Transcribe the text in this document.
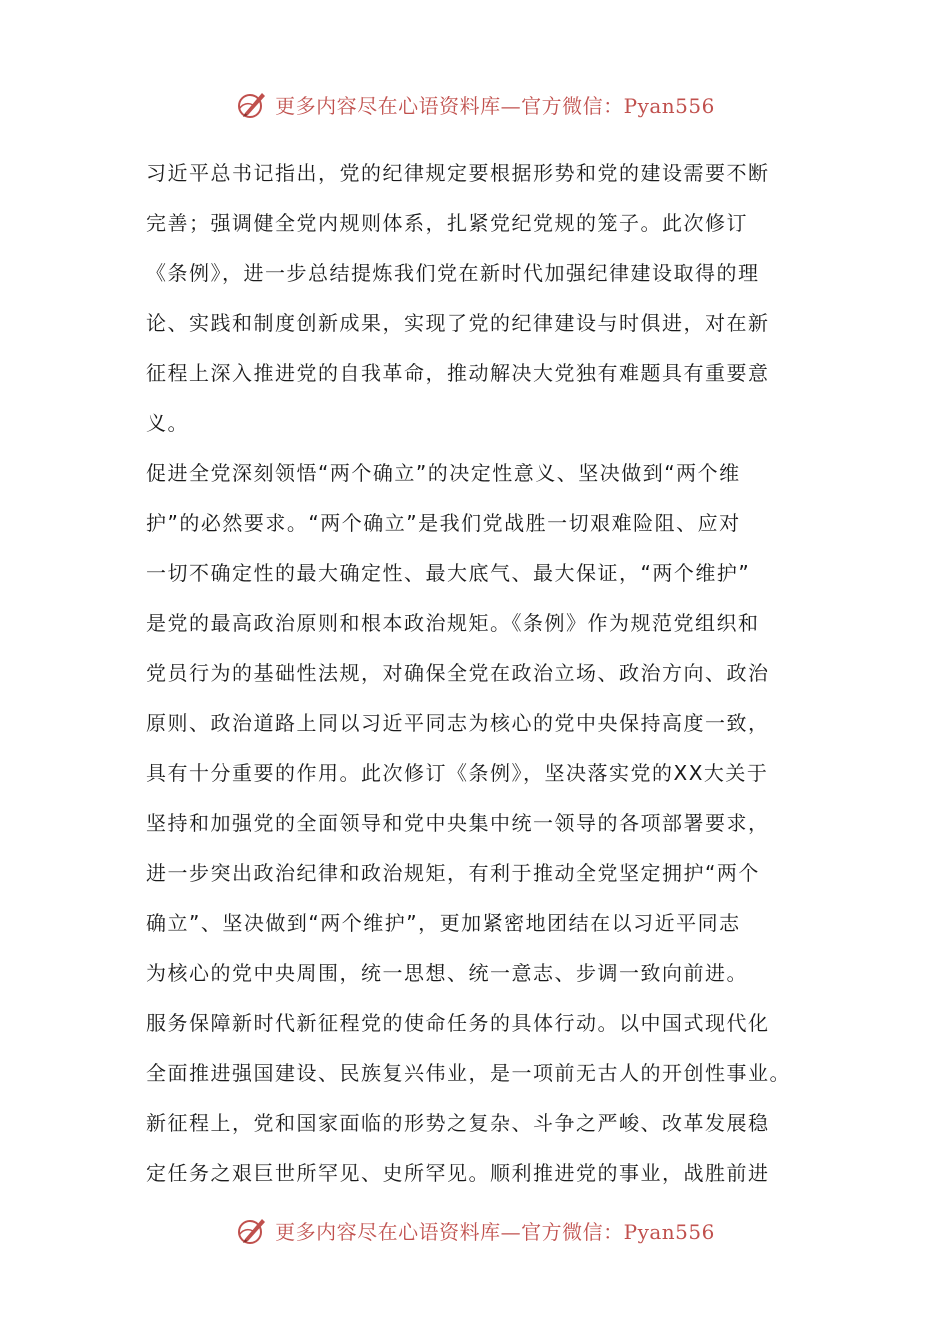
更多内容尽在心语资料库—官方微信：Pyan556
习近平总书记指出，党的纪律规定要根据形势和党的建设需要不断
完善；强调健全党内规则体系，扎紧党纪党规的笼子。此次修订
《条例》，进一步总结提炼我们党在新时代加强纪律建设取得的理
论、实践和制度创新成果，实现了党的纪律建设与时俱进，对在新
征程上深入推进党的自我革命，推动解决大党独有难题具有重要意
义。
促进全党深刻领悟“两个确立”的决定性意义、坚决做到“两个维
护”的必然要求。“两个确立”是我们党战胜一切艰难险阻、应对
一切不确定性的最大确定性、最大底气、最大保证，“两个维护”
是党的最高政治原则和根本政治规矩。《条例》作为规范党组织和
党员行为的基础性法规，对确保全党在政治立场、政治方向、政治
原则、政治道路上同以习近平同志为核心的党中央保持高度一致，
具有十分重要的作用。此次修订《条例》，坚决落实党的XX大关于
坚持和加强党的全面领导和党中央集中统一领导的各项部署要求，
进一步突出政治纪律和政治规矩，有利于推动全党坚定拥护“两个
确立”、坚决做到“两个维护”，更加紧密地团结在以习近平同志
为核心的党中央周围，统一思想、统一意志、步调一致向前进。
服务保障新时代新征程党的使命任务的具体行动。以中国式现代化
全面推进强国建设、民族复兴伟业，是一项前无古人的开创性事业。
新征程上，党和国家面临的形势之复杂、斗争之严峻、改革发展稳
定任务之艰巨世所罕见、史所罕见。顺利推进党的事业，战胜前进
更多内容尽在心语资料库—官方微信：Pyan556
